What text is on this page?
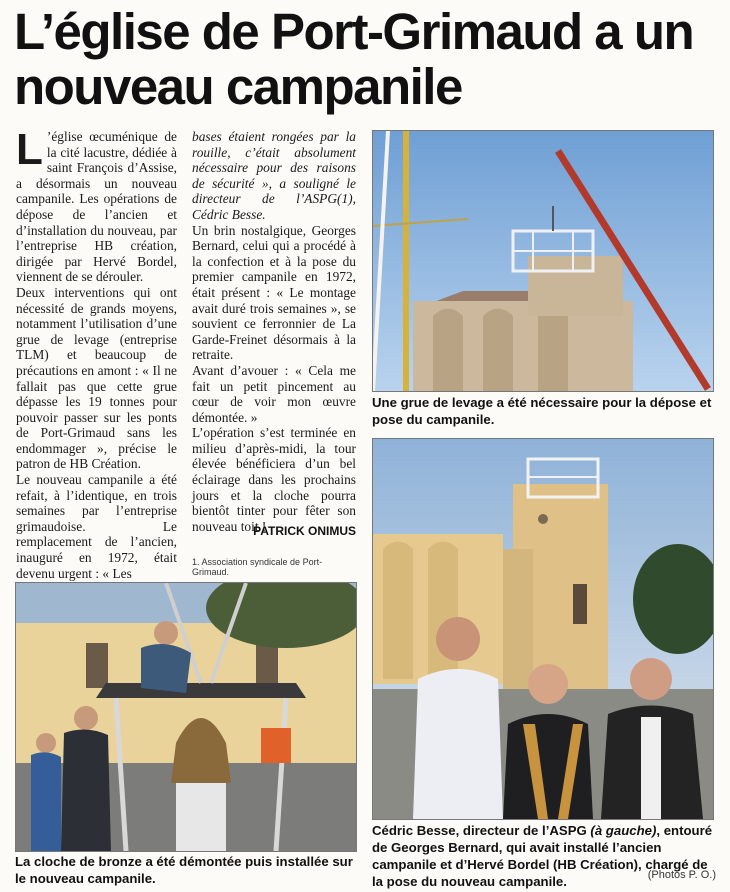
L’église de Port-Grimaud a un nouveau campanile
L ’église œcuménique de la cité lacustre, dédiée à saint François d’Assise, a désormais un nouveau campanile. Les opérations de dépose de l’ancien et d’installation du nouveau, par l’entreprise HB création, dirigée par Hervé Bordel, viennent de se dérouler.

Deux interventions qui ont nécessité de grands moyens, notamment l’utilisation d’une grue de levage (entreprise TLM) et beaucoup de précautions en amont : « Il ne fallait pas que cette grue dépasse les 19 tonnes pour pouvoir passer sur les ponts de Port-Grimaud sans les endommager », précise le patron de HB Création.

Le nouveau campanile a été refait, à l’identique, en trois semaines par l’entreprise grimaudoise. Le remplacement de l’ancien, inauguré en 1972, était devenu urgent : « Les

bases étaient rongées par la rouille, c’était absolument nécessaire pour des raisons de sécurité », a souligné le directeur de l’ASPG(1), Cédric Besse.

Un brin nostalgique, Georges Bernard, celui qui a procédé à la confection et à la pose du premier campanile en 1972, était présent : « Le montage avait duré trois semaines », se souvient ce ferronnier de La Garde-Freinet désormais à la retraite.

Avant d’avouer : « Cela me fait un petit pincement au cœur de voir mon œuvre démontée. »

L’opération s’est terminée en milieu d’après-midi, la tour élevée bénéficiera d’un bel éclairage dans les prochains jours et la cloche pourra bientôt tinter pour fêter son nouveau toit !

PATRICK ONIMUS
1. Association syndicale de Port-Grimaud.
Une grue de levage a été nécessaire pour la dépose et pose du campanile.
Cédric Besse, directeur de l’ASPG (à gauche), entouré de Georges Bernard, qui avait installé l’ancien campanile et d’Hervé Bordel (HB Création), chargé de la pose du nouveau campanile.	(Photos P. O.)
La cloche de bronze a été démontée puis installée sur le nouveau campanile.
